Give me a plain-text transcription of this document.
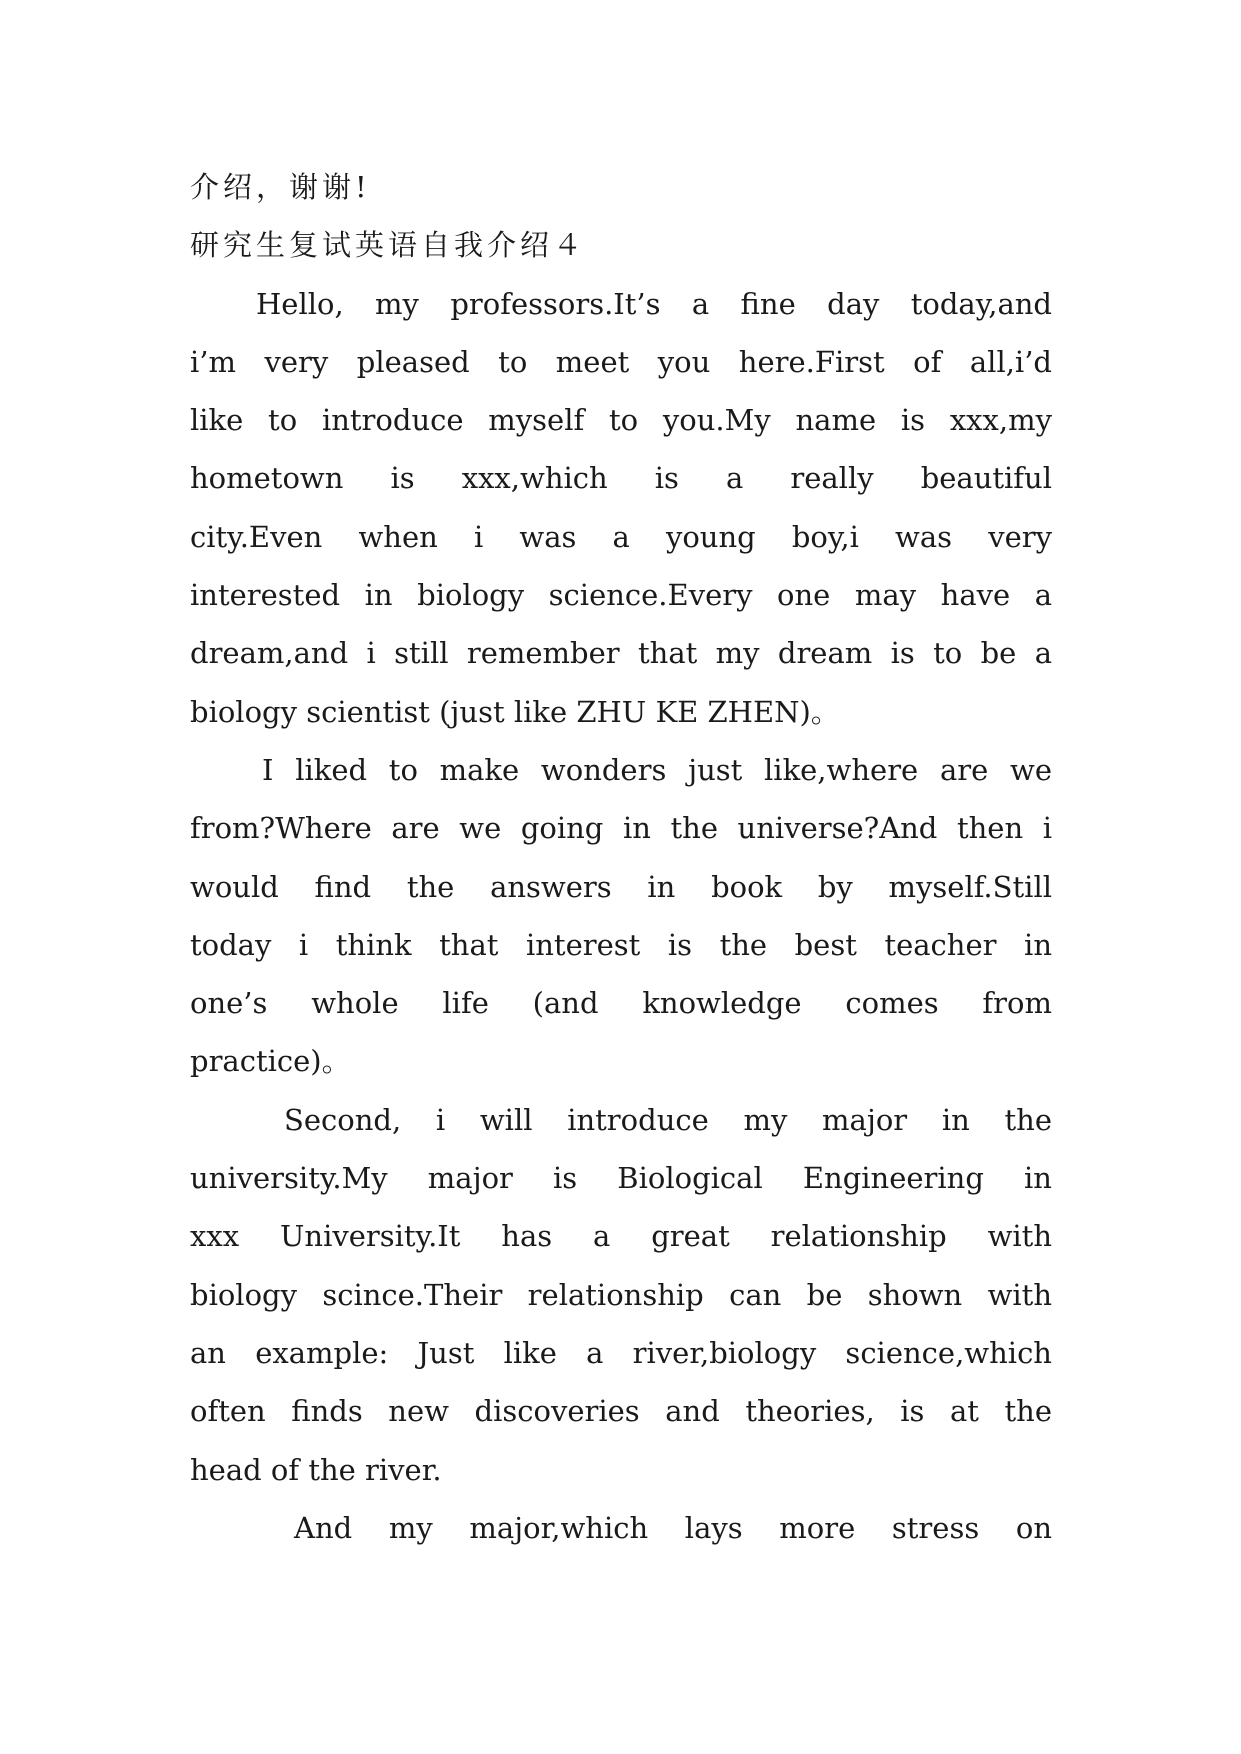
介绍，谢谢!
研究生复试英语自我介绍４
Hello, my professors.It’s a fine day today,and
i’m very pleased to meet you here.First of all,i’d
like to introduce myself to you.My name is xxx,my
hometown is xxx,which is a really beautiful
city.Even when i was a young boy,i was very
interested in biology science.Every one may have a
dream,and i still remember that my dream is to be a
biology scientist (just like ZHU KE ZHEN)。
I liked to make wonders just like,where are we
from?Where are we going in the universe?And then i
would find the answers in book by myself.Still
today i think that interest is the best teacher in
one’s whole life (and knowledge comes from
practice)。
Second, i will introduce my major in the
university.My major is Biological Engineering in
xxx University.It has a great relationship with
biology scince.Their relationship can be shown with
an example: Just like a river,biology science,which
often finds new discoveries and theories, is at the
head of the river.
And my major,which lays more stress on
